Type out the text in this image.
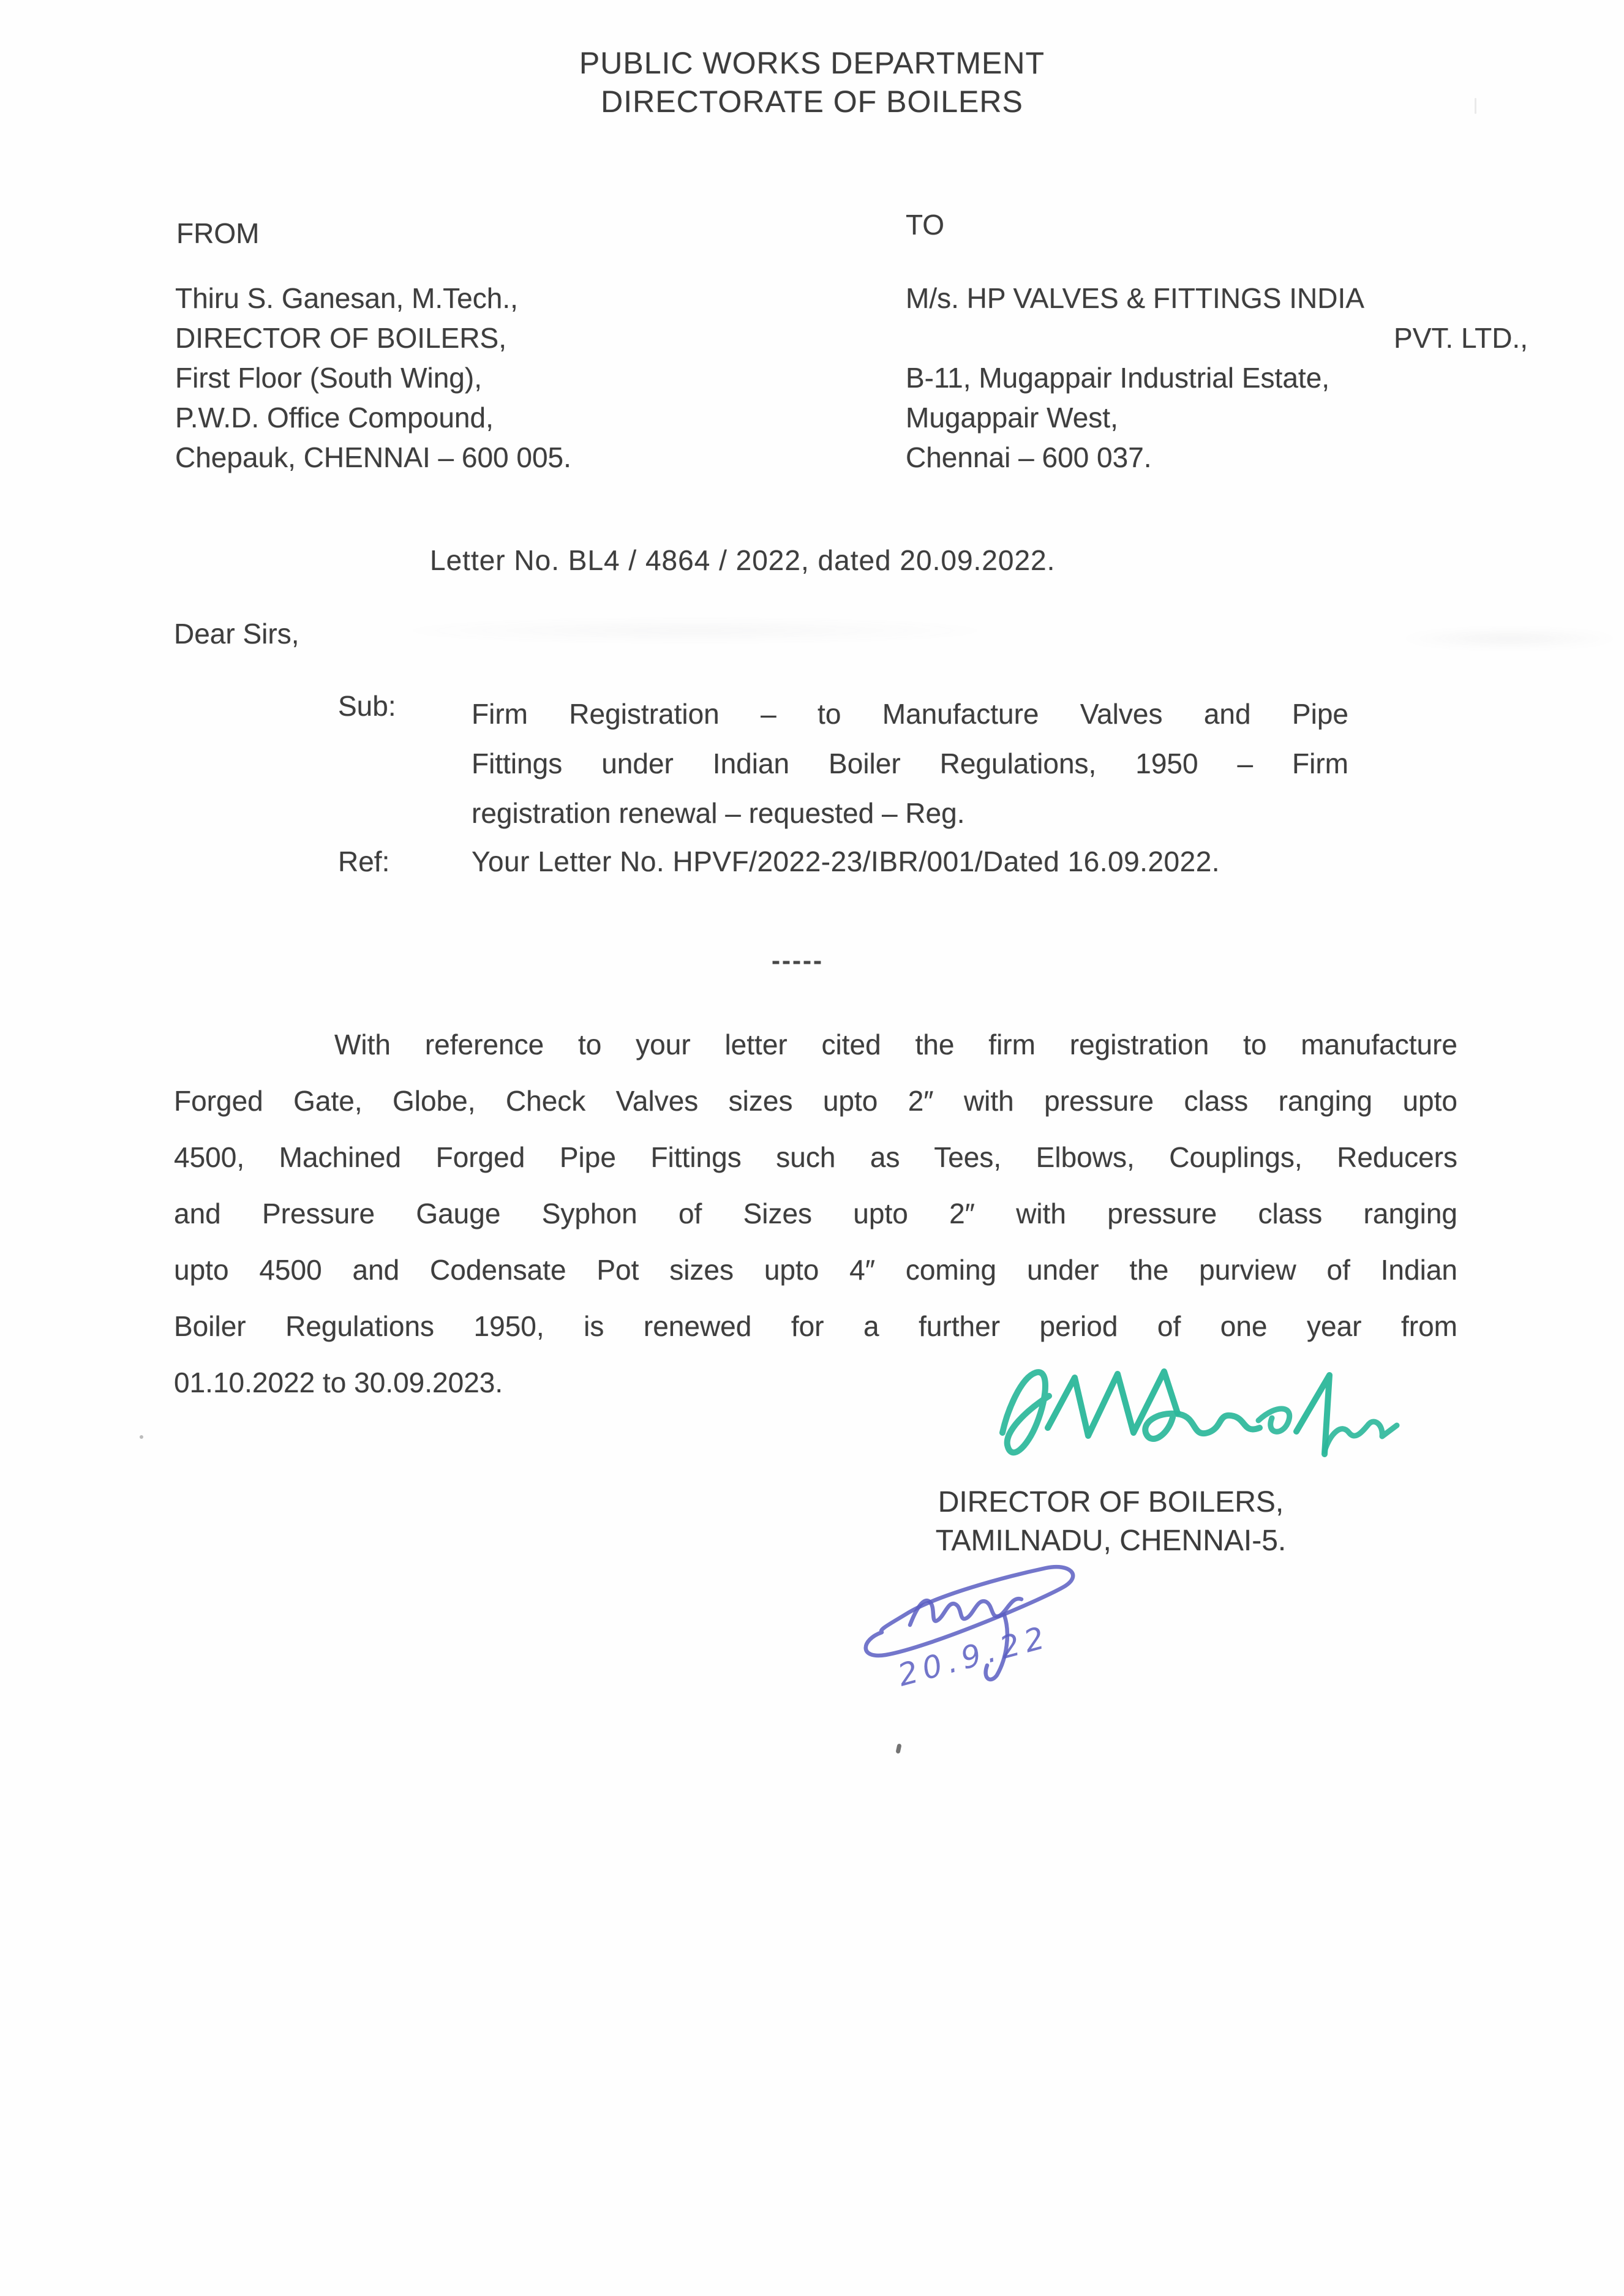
PUBLIC WORKS DEPARTMENT
DIRECTORATE OF BOILERS
FROM	TO
Thiru S. Ganesan, M.Tech.,
DIRECTOR OF BOILERS,
First Floor (South Wing),
P.W.D. Office Compound,
Chepauk, CHENNAI – 600 005.
M/s. HP VALVES & FITTINGS INDIA
PVT. LTD.,
B-11, Mugappair Industrial Estate,
Mugappair West,
Chennai – 600 037.
Letter No. BL4 / 4864 / 2022, dated 20.09.2022.
Dear Sirs,
Sub:	Firm Registration – to Manufacture Valves and Pipe
Fittings under Indian Boiler Regulations, 1950 – Firm
registration renewal – requested – Reg.
Ref:	Your Letter No. HPVF/2022-23/IBR/001/Dated 16.09.2022.
-----
With reference to your letter cited the firm registration to manufacture
Forged Gate, Globe, Check Valves sizes upto 2″ with pressure class ranging upto
4500, Machined Forged Pipe Fittings such as Tees, Elbows, Couplings, Reducers
and Pressure Gauge Syphon of Sizes upto 2″ with pressure class ranging
upto 4500 and Codensate Pot sizes upto 4″ coming under the purview of Indian
Boiler Regulations 1950, is renewed for a further period of one year from
01.10.2022 to 30.09.2023.
DIRECTOR OF BOILERS,
TAMILNADU, CHENNAI-5.
20.9.22
